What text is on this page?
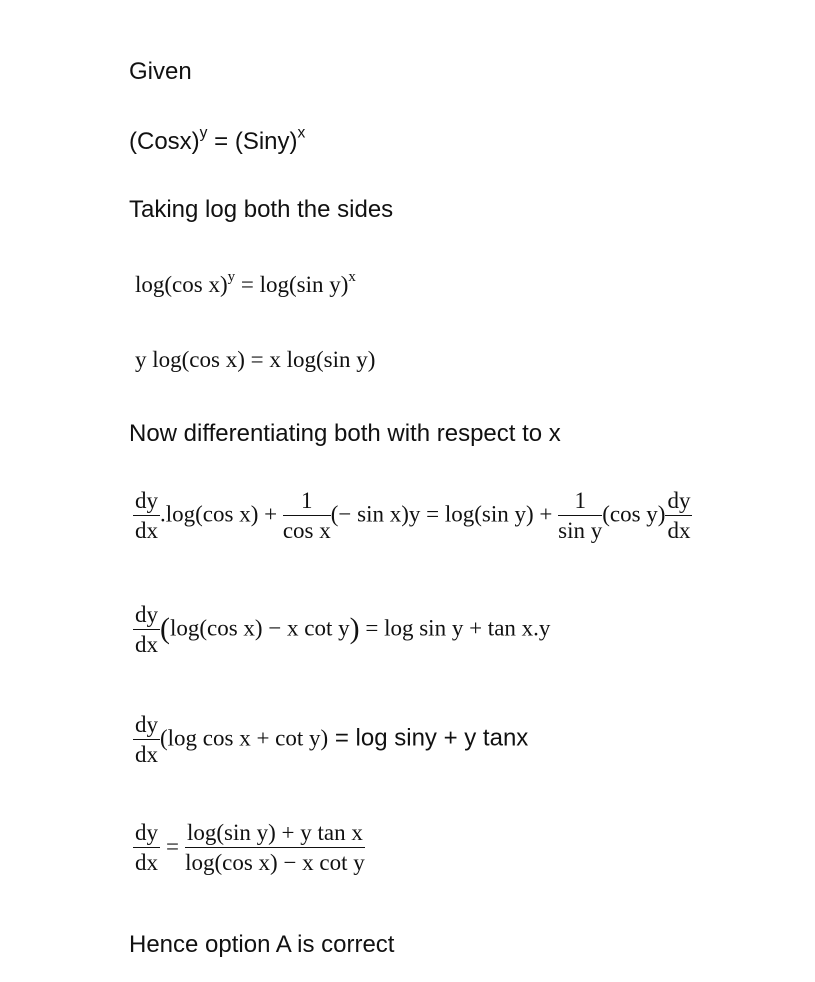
Given
(Cosx)$^y$ = (Siny)$^x$
Taking log both the sides
log(cos x)$^y$ = log(sin y)$^x$
y log(cos x) = x log(sin y)
Now differentiating both with respect to x
$\frac{dy}{dx} .\log(\cos$ $x) + \frac{1}{\text{cos x}}$ (− sin x)y = log(sin $y) + \frac{1}{\text{sin y}} (\cos$ $y) \frac{dy}{dx}$
$\frac{dy}{dx} (\log(\cos$ x) − x cot y) = log sin y + tan x.y
$\frac{dy}{dx} (\log$ cos x + cot y) = log siny + y tanx
$\frac{dy}{dx} = \frac{\text{log(sin y) + y tan x}}{\text{log(cos x) − x cot y}}$
Hence option A is correct
